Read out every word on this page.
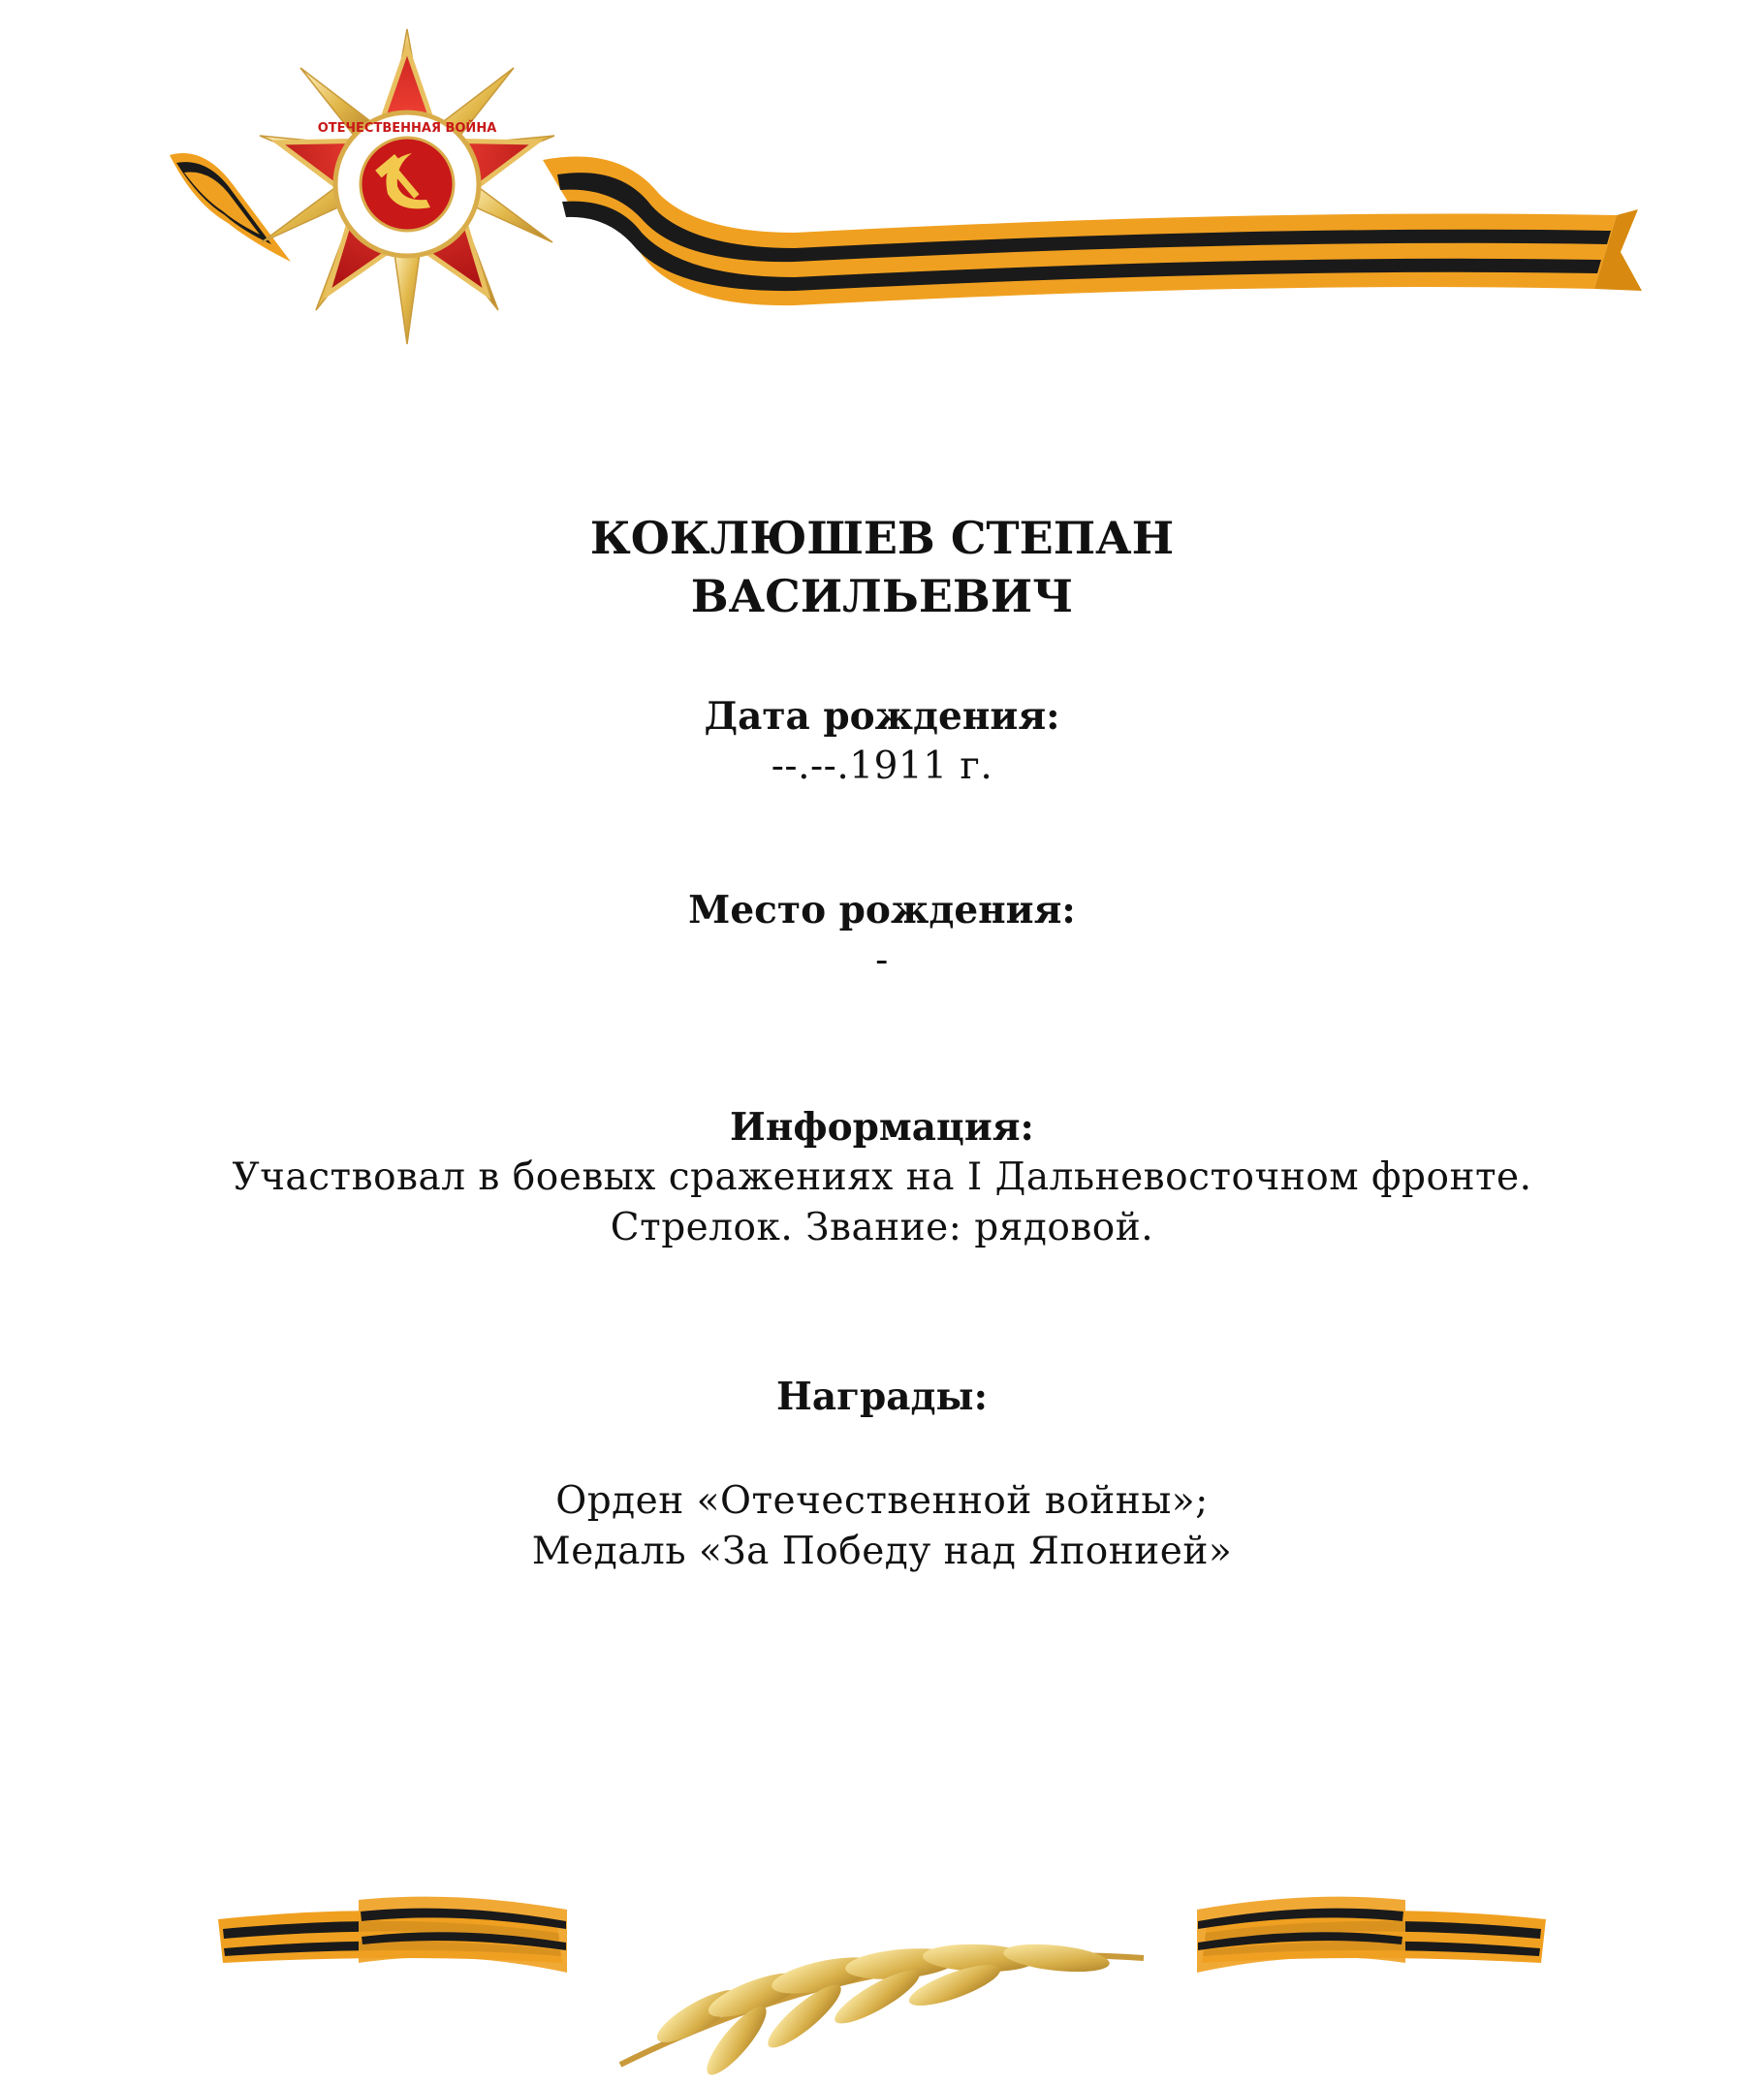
ОТЕЧЕСТВЕННАЯ ВОЙНА

КОКЛЮШЕВ СТЕПАН

ВАСИЛЬЕВИЧ

Дата рождения:

--.--.1911 г.

Место рождения:

-

Информация:

Участвовал в боевых сражениях на I Дальневосточном фронте.

Стрелок. Звание: рядовой.

Награды:

Орден «Отечественной войны»;

Медаль «За Победу над Японией»
